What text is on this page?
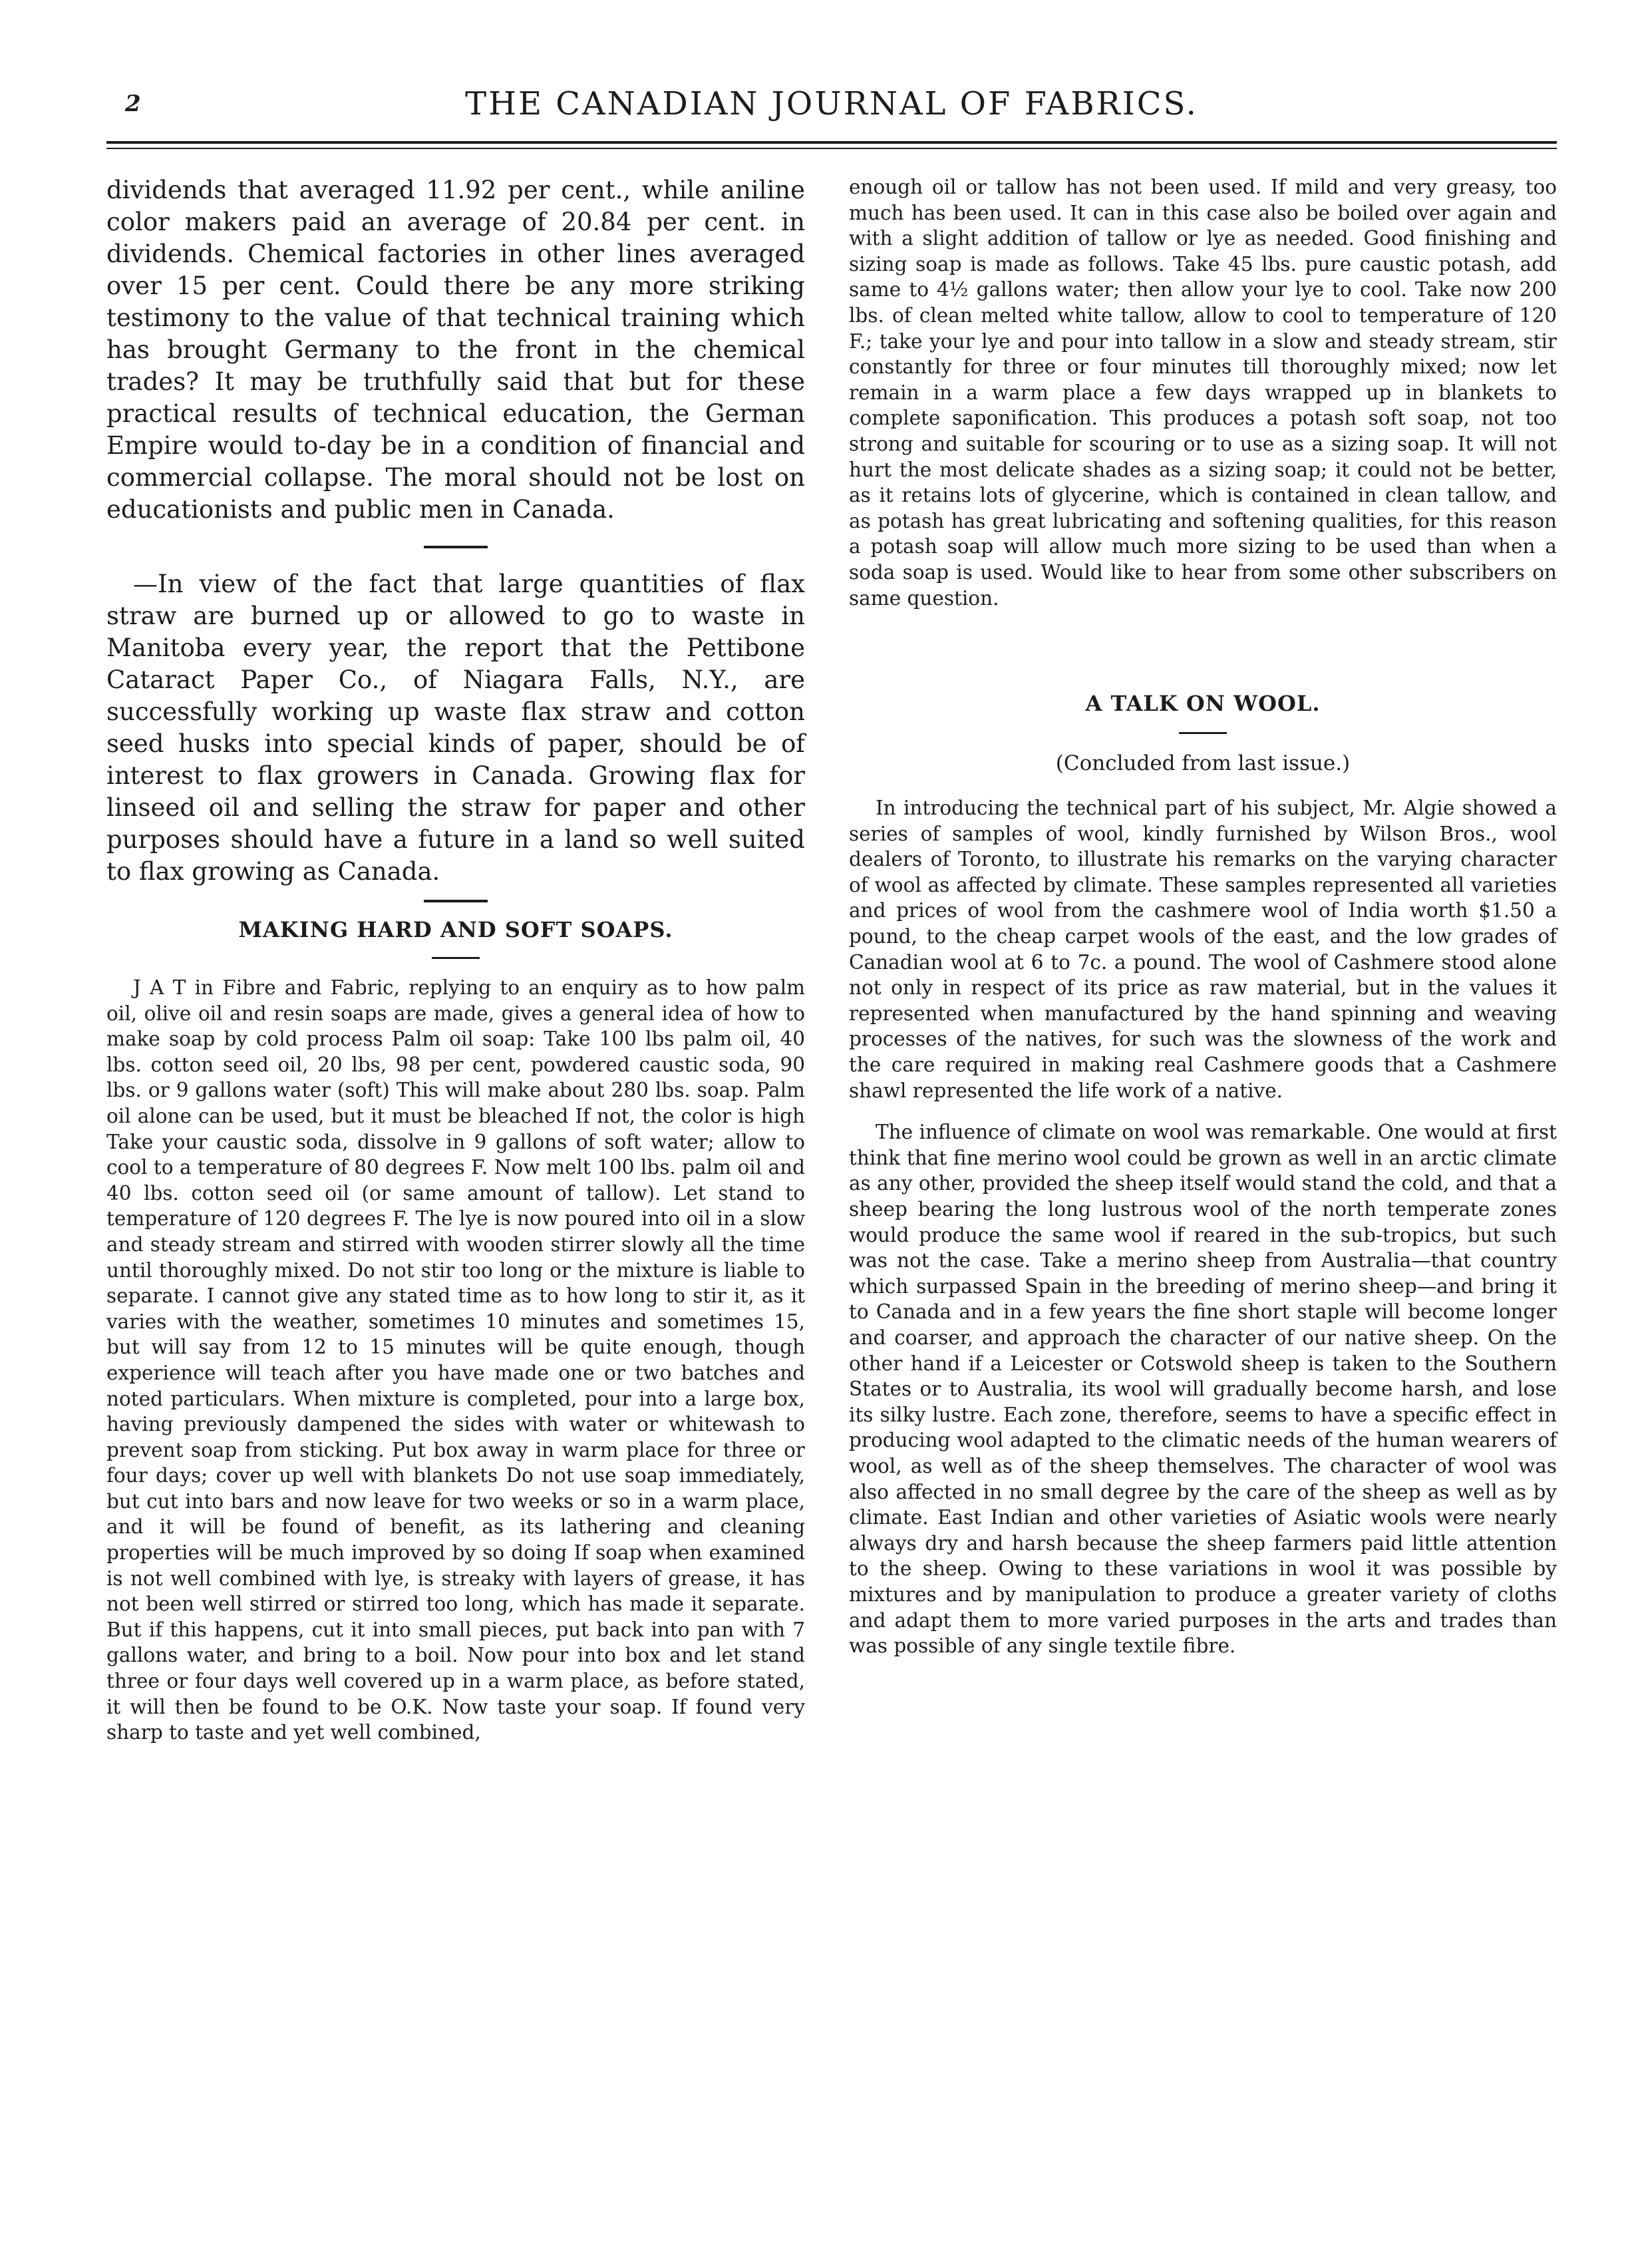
2	THE CANADIAN JOURNAL OF FABRICS.

dividends that averaged 11.92 per cent., while aniline color makers paid an average of 20.84 per cent. in dividends. Chemical factories in other lines averaged over 15 per cent. Could there be any more striking testimony to the value of that technical training which has brought Germany to the front in the chemical trades? It may be truthfully said that but for these practical results of technical education, the German Empire would to-day be in a condition of financial and commercial collapse. The moral should not be lost on educationists and public men in Canada.

—In view of the fact that large quantities of flax straw are burned up or allowed to go to waste in Manitoba every year, the report that the Pettibone Cataract Paper Co., of Niagara Falls, N.Y., are successfully working up waste flax straw and cotton seed husks into special kinds of paper, should be of interest to flax growers in Canada. Growing flax for linseed oil and selling the straw for paper and other purposes should have a future in a land so well suited to flax growing as Canada.

MAKING HARD AND SOFT SOAPS.

J A T in Fibre and Fabric, replying to an enquiry as to how palm oil, olive oil and resin soaps are made, gives a general idea of how to make soap by cold process Palm oil soap: Take 100 lbs palm oil, 40 lbs. cotton seed oil, 20 lbs, 98 per cent, powdered caustic soda, 90 lbs. or 9 gallons water (soft) This will make about 280 lbs. soap. Palm oil alone can be used, but it must be bleached If not, the color is high Take your caustic soda, dissolve in 9 gallons of soft water; allow to cool to a temperature of 80 degrees F. Now melt 100 lbs. palm oil and 40 lbs. cotton seed oil (or same amount of tallow). Let stand to temperature of 120 degrees F. The lye is now poured into oil in a slow and steady stream and stirred with wooden stirrer slowly all the time until thoroughly mixed. Do not stir too long or the mixture is liable to separate. I cannot give any stated time as to how long to stir it, as it varies with the weather, sometimes 10 minutes and sometimes 15, but will say from 12 to 15 minutes will be quite enough, though experience will teach after you have made one or two batches and noted particulars. When mixture is completed, pour into a large box, having previously dampened the sides with water or whitewash to prevent soap from sticking. Put box away in warm place for three or four days; cover up well with blankets Do not use soap immediately, but cut into bars and now leave for two weeks or so in a warm place, and it will be found of benefit, as its lathering and cleaning properties will be much improved by so doing If soap when examined is not well combined with lye, is streaky with layers of grease, it has not been well stirred or stirred too long, which has made it separate. But if this happens, cut it into small pieces, put back into pan with 7 gallons water, and bring to a boil. Now pour into box and let stand three or four days well covered up in a warm place, as before stated, it will then be found to be O.K. Now taste your soap. If found very sharp to taste and yet well combined,

enough oil or tallow has not been used. If mild and very greasy, too much has been used. It can in this case also be boiled over again and with a slight addition of tallow or lye as needed. Good finishing and sizing soap is made as follows. Take 45 lbs. pure caustic potash, add same to 4½ gallons water; then allow your lye to cool. Take now 200 lbs. of clean melted white tallow, allow to cool to temperature of 120 F.; take your lye and pour into tallow in a slow and steady stream, stir constantly for three or four minutes till thoroughly mixed; now let remain in a warm place a few days wrapped up in blankets to complete saponification. This produces a potash soft soap, not too strong and suitable for scouring or to use as a sizing soap. It will not hurt the most delicate shades as a sizing soap; it could not be better, as it retains lots of glycerine, which is contained in clean tallow, and as potash has great lubricating and softening qualities, for this reason a potash soap will allow much more sizing to be used than when a soda soap is used. Would like to hear from some other subscribers on same question.

A TALK ON WOOL.
(Concluded from last issue.)

In introducing the technical part of his subject, Mr. Algie showed a series of samples of wool, kindly furnished by Wilson Bros., wool dealers of Toronto, to illustrate his remarks on the varying character of wool as affected by climate. These samples represented all varieties and prices of wool from the cashmere wool of India worth $1.50 a pound, to the cheap carpet wools of the east, and the low grades of Canadian wool at 6 to 7c. a pound. The wool of Cashmere stood alone not only in respect of its price as raw material, but in the values it represented when manufactured by the hand spinning and weaving processes of the natives, for such was the slowness of the work and the care required in making real Cashmere goods that a Cashmere shawl represented the life work of a native.

The influence of climate on wool was remarkable. One would at first think that fine merino wool could be grown as well in an arctic climate as any other, provided the sheep itself would stand the cold, and that a sheep bearing the long lustrous wool of the north temperate zones would produce the same wool if reared in the sub-tropics, but such was not the case. Take a merino sheep from Australia—that country which surpassed Spain in the breeding of merino sheep—and bring it to Canada and in a few years the fine short staple will become longer and coarser, and approach the character of our native sheep. On the other hand if a Leicester or Cotswold sheep is taken to the Southern States or to Australia, its wool will gradually become harsh, and lose its silky lustre. Each zone, therefore, seems to have a specific effect in producing wool adapted to the climatic needs of the human wearers of wool, as well as of the sheep themselves. The character of wool was also affected in no small degree by the care of the sheep as well as by climate. East Indian and other varieties of Asiatic wools were nearly always dry and harsh because the sheep farmers paid little attention to the sheep. Owing to these variations in wool it was possible by mixtures and by manipulation to produce a greater variety of cloths and adapt them to more varied purposes in the arts and trades than was possible of any single textile fibre.
